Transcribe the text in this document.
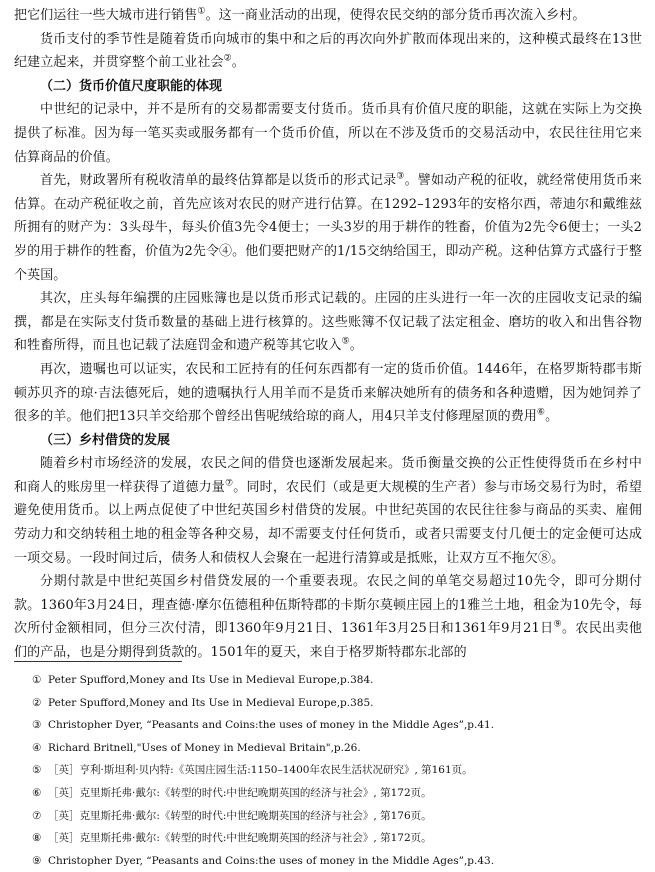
把它们运往一些大城市进行销售①。这一商业活动的出现，使得农民交纳的部分货币再次流入乡村。

货币支付的季节性是随着货币向城市的集中和之后的再次向外扩散而体现出来的，这种模式最终在13世纪建立起来，并贯穿整个前工业社会②。

（二）货币价值尺度职能的体现

中世纪的记录中，并不是所有的交易都需要支付货币。货币具有价值尺度的职能，这就在实际上为交换提供了标准。因为每一笔买卖或服务都有一个货币价值，所以在不涉及货币的交易活动中，农民往往用它来估算商品的价值。

首先，财政署所有税收清单的最终估算都是以货币的形式记录③。譬如动产税的征收，就经常使用货币来估算。在动产税征收之前，首先应该对农民的财产进行估算。在1292–1293年的安格尔西，蒂迪尔和戴维兹所拥有的财产为：3头母牛，每头价值3先令4便士；一头3岁的用于耕作的牲畜，价值为2先令6便士；一头2岁的用于耕作的牲畜，价值为2先令④。他们要把财产的1/15交纳给国王，即动产税。这种估算方式盛行于整个英国。

其次，庄头每年编撰的庄园账簿也是以货币形式记载的。庄园的庄头进行一年一次的庄园收支记录的编撰，都是在实际支付货币数量的基础上进行核算的。这些账簿不仅记载了法定租金、磨坊的收入和出售谷物和牲畜所得，而且也记载了法庭罚金和遗产税等其它收入⑤。

再次，遗嘱也可以证实，农民和工匠持有的任何东西都有一定的货币价值。1446年，在格罗斯特郡韦斯顿苏贝齐的琼·吉法德死后，她的遗嘱执行人用羊而不是货币来解决她所有的债务和各种遗赠，因为她饲养了很多的羊。他们把13只羊交给那个曾经出售呢绒给琼的商人，用4只羊支付修理屋顶的费用⑥。

（三）乡村借贷的发展

随着乡村市场经济的发展，农民之间的借贷也逐渐发展起来。货币衡量交换的公正性使得货币在乡村中和商人的账房里一样获得了道德力量⑦。同时，农民们（或是更大规模的生产者）参与市场交易行为时，希望避免使用货币。以上两点促使了中世纪英国乡村借贷的发展。中世纪英国的农民往往参与商品的买卖、雇佣劳动力和交纳转租土地的租金等各种交易，却不需要支付任何货币，或者只需要支付几便士的定金便可达成一项交易。一段时间过后，债务人和债权人会聚在一起进行清算或是抵账，让双方互不拖欠⑧。

分期付款是中世纪英国乡村借贷发展的一个重要表现。农民之间的单笔交易超过10先令，即可分期付款。1360年3月24日，理查德·摩尔伍德租种伍斯特郡的卡斯尔莫顿庄园上的1雅兰土地，租金为10先令，每次所付金额相同，但分三次付清，即1360年9月21日、1361年3月25日和1361年9月21日⑨。农民出卖他们的产品，也是分期得到货款的。1501年的夏天，来自于格罗斯特郡东北部的

① Peter Spufford,Money and Its Use in Medieval Europe,p.384.

② Peter Spufford,Money and Its Use in Medieval Europe,p.385.

③ Christopher Dyer, “Peasants and Coins:the uses of money in the Middle Ages”,p.41.

④ Richard Britnell,"Uses of Money in Medieval Britain",p.26.

⑤ ［英］亨利·斯坦利·贝内特:《英国庄园生活:1150–1400年农民生活状况研究》, 第161页。

⑥ ［英］克里斯托弗·戴尔:《转型的时代:中世纪晚期英国的经济与社会》, 第172页。

⑦ ［英］克里斯托弗·戴尔:《转型的时代:中世纪晚期英国的经济与社会》, 第176页。

⑧ ［英］克里斯托弗·戴尔:《转型的时代:中世纪晚期英国的经济与社会》, 第172页。

⑨ Christopher Dyer, “Peasants and Coins:the uses of money in the Middle Ages”,p.43.
